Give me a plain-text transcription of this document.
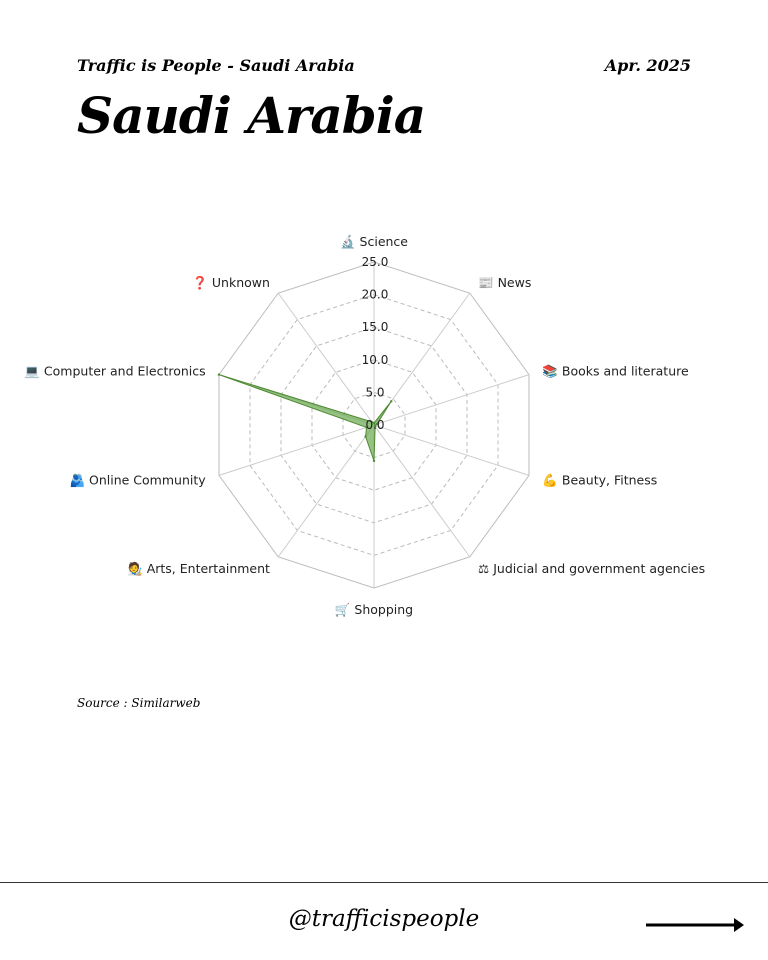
Traffic is People - Saudi Arabia	Apr. 2025
Saudi Arabia
0.0
5.0
10.0
15.0
20.0
25.0
🔬 Science
📰 News
📚 Books and literature
💪 Beauty, Fitness
⚖ Judicial and government agencies
🛒 Shopping
🧑‍🎨 Arts, Entertainment
🫂 Online Community
💻 Computer and Electronics
❓ Unknown
Source : Similarweb
@trafficispeople
